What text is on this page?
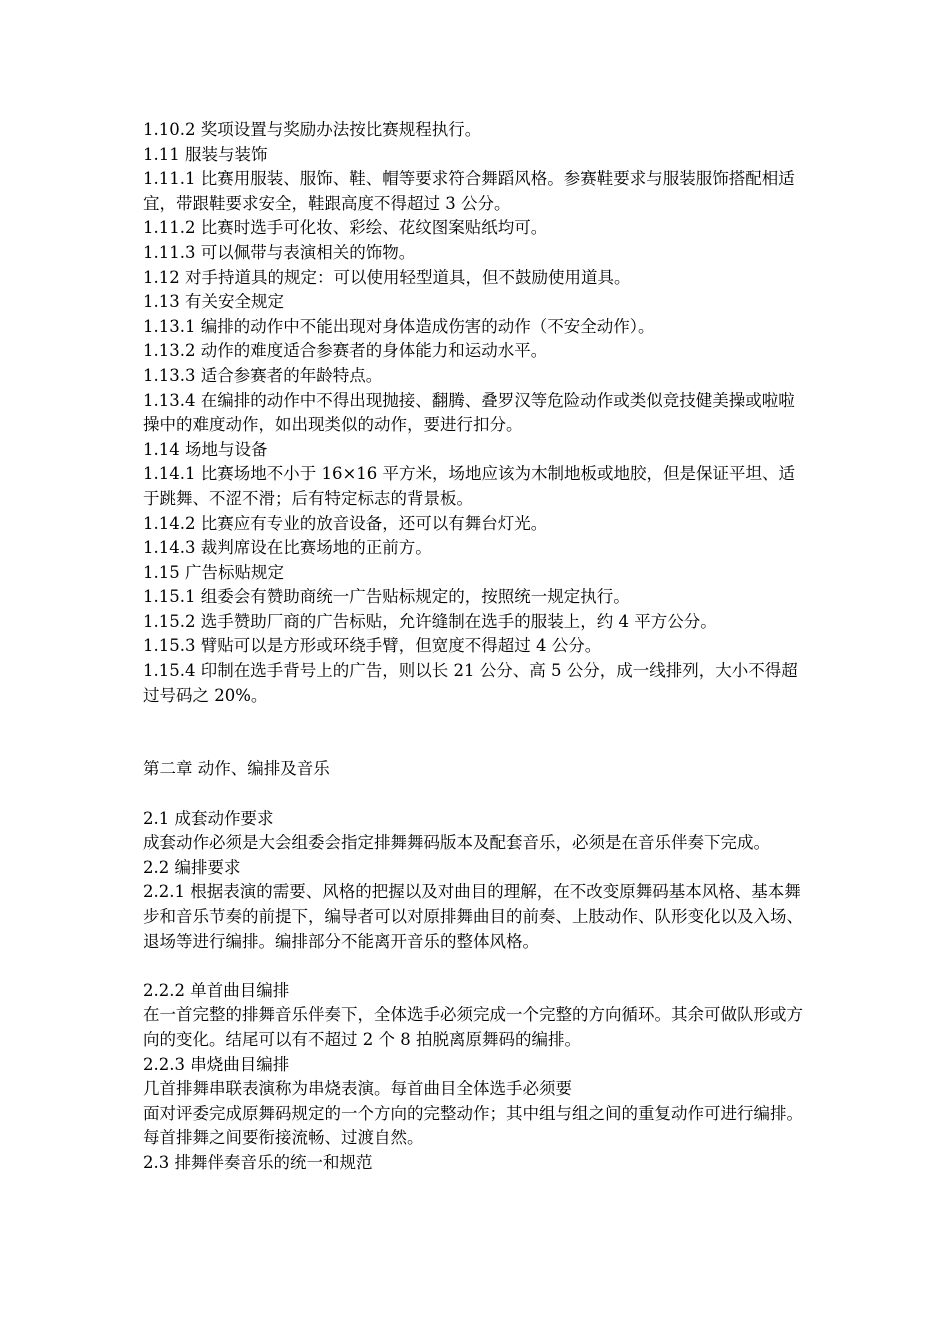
1.10.2 奖项设置与奖励办法按比赛规程执行。
1.11 服装与装饰
1.11.1 比赛用服装、服饰、鞋、帽等要求符合舞蹈风格。参赛鞋要求与服装服饰搭配相适宜，带跟鞋要求安全，鞋跟高度不得超过 3 公分。
1.11.2 比赛时选手可化妆、彩绘、花纹图案贴纸均可。
1.11.3 可以佩带与表演相关的饰物。
1.12 对手持道具的规定：可以使用轻型道具，但不鼓励使用道具。
1.13 有关安全规定
1.13.1 编排的动作中不能出现对身体造成伤害的动作（不安全动作）。
1.13.2 动作的难度适合参赛者的身体能力和运动水平。
1.13.3 适合参赛者的年龄特点。
1.13.4 在编排的动作中不得出现抛接、翻腾、叠罗汉等危险动作或类似竞技健美操或啦啦操中的难度动作，如出现类似的动作，要进行扣分。
1.14 场地与设备
1.14.1 比赛场地不小于 16×16 平方米，场地应该为木制地板或地胶，但是保证平坦、适于跳舞、不涩不滑；后有特定标志的背景板。
1.14.2 比赛应有专业的放音设备，还可以有舞台灯光。
1.14.3 裁判席设在比赛场地的正前方。
1.15 广告标贴规定
1.15.1 组委会有赞助商统一广告贴标规定的，按照统一规定执行。
1.15.2 选手赞助厂商的广告标贴，允许缝制在选手的服装上，约 4 平方公分。
1.15.3 臂贴可以是方形或环绕手臂，但宽度不得超过 4 公分。
1.15.4 印制在选手背号上的广告，则以长 21 公分、高 5 公分，成一线排列，大小不得超过号码之 20%。
第二章 动作、编排及音乐
2.1 成套动作要求
成套动作必须是大会组委会指定排舞舞码版本及配套音乐，必须是在音乐伴奏下完成。
2.2 编排要求
2.2.1 根据表演的需要、风格的把握以及对曲目的理解，在不改变原舞码基本风格、基本舞步和音乐节奏的前提下，编导者可以对原排舞曲目的前奏、上肢动作、队形变化以及入场、退场等进行编排。编排部分不能离开音乐的整体风格。
2.2.2 单首曲目编排
在一首完整的排舞音乐伴奏下，全体选手必须完成一个完整的方向循环。其余可做队形或方向的变化。结尾可以有不超过 2 个 8 拍脱离原舞码的编排。
2.2.3 串烧曲目编排
几首排舞串联表演称为串烧表演。每首曲目全体选手必须要
面对评委完成原舞码规定的一个方向的完整动作；其中组与组之间的重复动作可进行编排。每首排舞之间要衔接流畅、过渡自然。
2.3 排舞伴奏音乐的统一和规范
